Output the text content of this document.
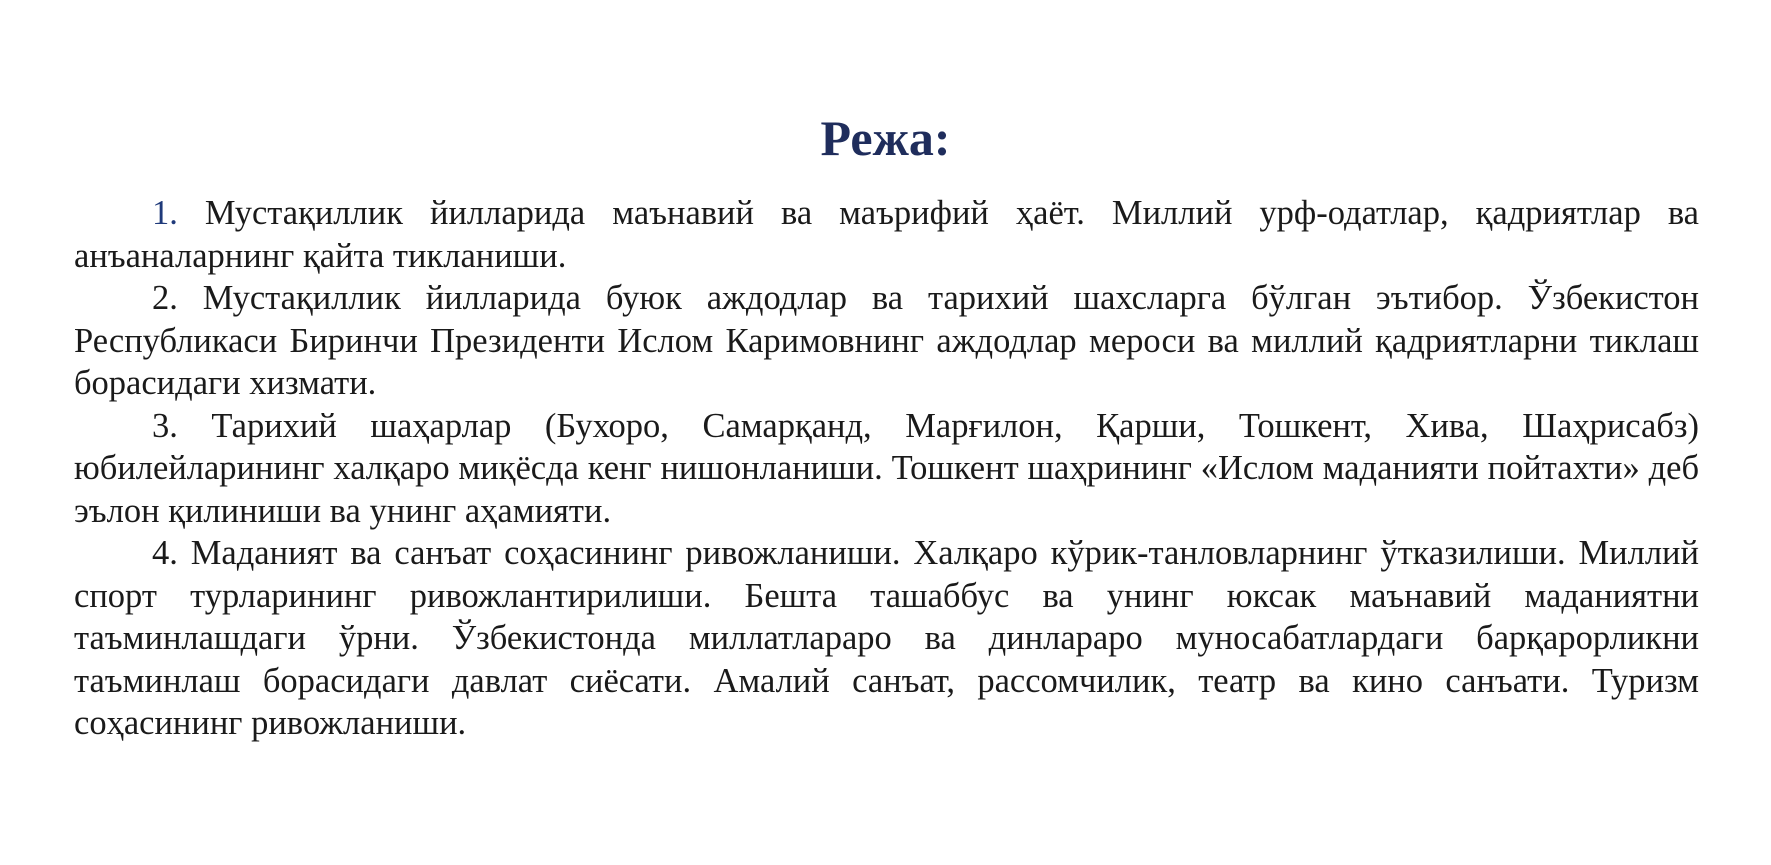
Режа:

1. Мустақиллик йилларида маънавий ва маърифий ҳаёт. Миллий урф-одатлар, қадриятлар ва анъаналарнинг қайта тикланиши.

2. Мустақиллик йилларида буюк аждодлар ва тарихий шахсларга бўлган эътибор. Ўзбекистон Республикаси Биринчи Президенти Ислом Каримовнинг аждодлар мероси ва миллий қадриятларни тиклаш борасидаги хизмати.

3. Тарихий шаҳарлар (Бухоро, Самарқанд, Марғилон, Қарши, Тошкент, Хива, Шаҳрисабз) юбилейларининг халқаро миқёсда кенг нишонланиши. Тошкент шаҳрининг «Ислом маданияти пойтахти» деб эълон қилиниши ва унинг аҳамияти.

4. Маданият ва санъат соҳасининг ривожланиши. Халқаро кўрик-танловларнинг ўтказилиши. Миллий спорт турларининг ривожлантирилиши. Бешта ташаббус ва унинг юксак маънавий маданиятни таъминлашдаги ўрни. Ўзбекистонда миллатлараро ва динлараро муносабатлардаги барқарорликни таъминлаш борасидаги давлат сиёсати. Амалий санъат, рассомчилик, театр ва кино санъати. Туризм соҳасининг ривожланиши.
